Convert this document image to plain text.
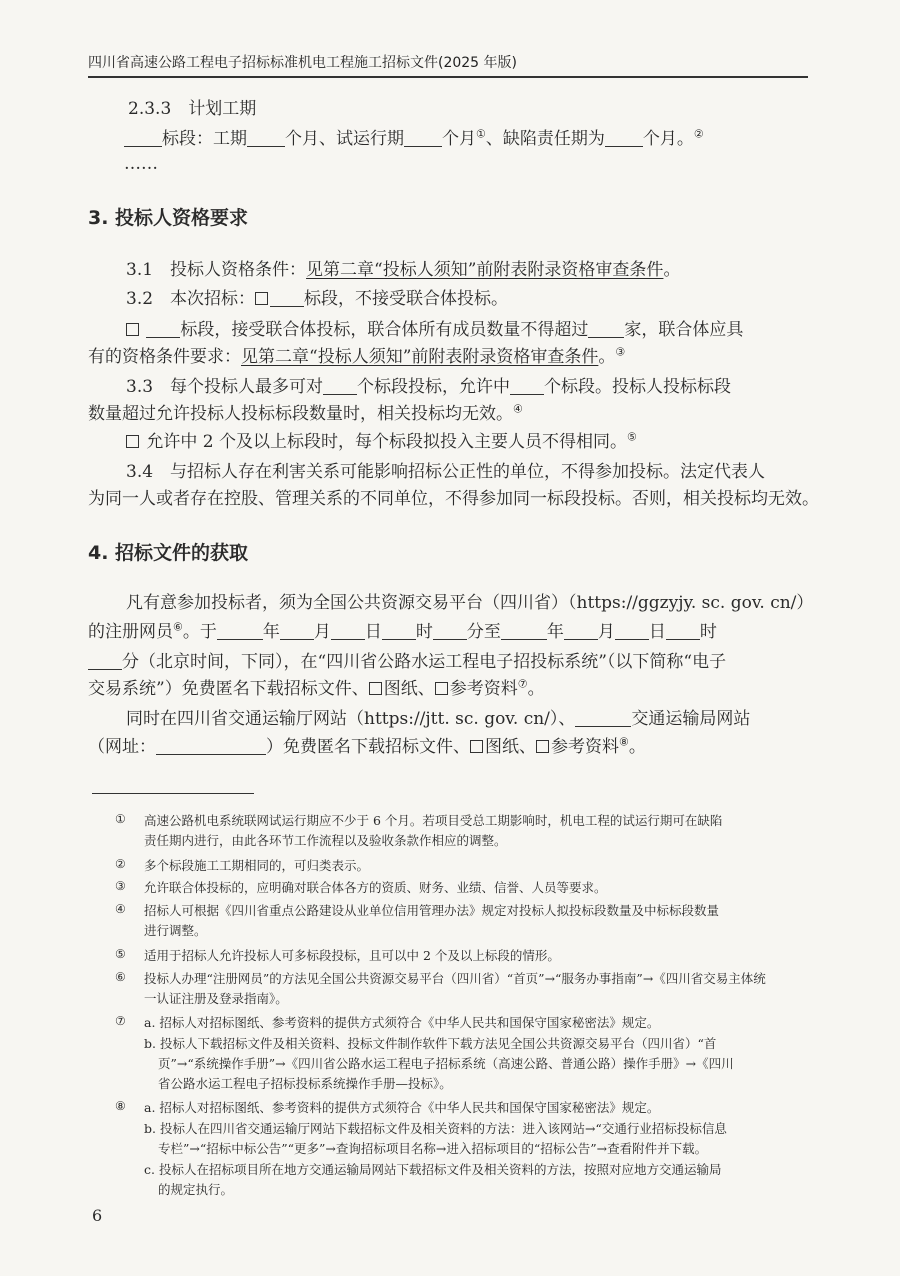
四川省高速公路工程电子招标标准机电工程施工招标文件(2025 年版)
2.3.3　计划工期
标段：工期 个月、试运行期 个月①、缺陷责任期为 个月。②
……
3. 投标人资格要求
3.1　投标人资格条件：见第二章“投标人须知”前附表附录资格审查条件。
3.2　本次招标：	标段，不接受联合体投标。
标段，接受联合体投标，联合体所有成员数量不得超过 家，联合体应具
有的资格条件要求：见第二章“投标人须知”前附表附录资格审查条件。③
3.3　每个投标人最多可对 个标段投标，允许中 个标段。投标人投标标段
数量超过允许投标人投标标段数量时，相关投标均无效。④
允许中 2 个及以上标段时，每个标段拟投入主要人员不得相同。⑤
3.4　与招标人存在利害关系可能影响招标公正性的单位，不得参加投标。法定代表人
为同一人或者存在控股、管理关系的不同单位，不得参加同一标段投标。否则，相关投标均无效。
4. 招标文件的获取
凡有意参加投标者，须为全国公共资源交易平台（四川省）（https://ggzyjy. sc. gov. cn/）
的注册网员⑥。于	年 月 日 时 分至	年 月 日 时
分（北京时间，下同），在“四川省公路水运工程电子招投标系统”（以下简称“电子
交易系统”）免费匿名下载招标文件、 图纸、 参考资料⑦。
同时在四川省交通运输厅网站（https://jtt. sc. gov. cn/）、	交通运输局网站
（网址：	）免费匿名下载招标文件、 图纸、 参考资料⑧。
① 高速公路机电系统联网试运行期应不少于 6 个月。若项目受总工期影响时，机电工程的试运行期可在缺陷
责任期内进行，由此各环节工作流程以及验收条款作相应的调整。
② 多个标段施工工期相同的，可归类表示。
③ 允许联合体投标的，应明确对联合体各方的资质、财务、业绩、信誉、人员等要求。
④ 招标人可根据《四川省重点公路建设从业单位信用管理办法》规定对投标人拟投标段数量及中标标段数量
进行调整。
⑤ 适用于招标人允许投标人可多标段投标，且可以中 2 个及以上标段的情形。
⑥ 投标人办理“注册网员”的方法见全国公共资源交易平台（四川省）“首页”→“服务办事指南”→《四川省交易主体统
一认证注册及登录指南》。
⑦ a. 招标人对招标图纸、参考资料的提供方式须符合《中华人民共和国保守国家秘密法》规定。
b. 投标人下载招标文件及相关资料、投标文件制作软件下载方法见全国公共资源交易平台（四川省）“首
页”→“系统操作手册”→《四川省公路水运工程电子招标系统（高速公路、普通公路）操作手册》→《四川
省公路水运工程电子招标投标系统操作手册—投标》。
⑧ a. 招标人对招标图纸、参考资料的提供方式须符合《中华人民共和国保守国家秘密法》规定。
b. 投标人在四川省交通运输厅网站下载招标文件及相关资料的方法：进入该网站→“交通行业招标投标信息
专栏”→“招标中标公告”“更多”→查询招标项目名称→进入招标项目的“招标公告”→查看附件并下载。
c. 投标人在招标项目所在地方交通运输局网站下载招标文件及相关资料的方法，按照对应地方交通运输局
的规定执行。
6
